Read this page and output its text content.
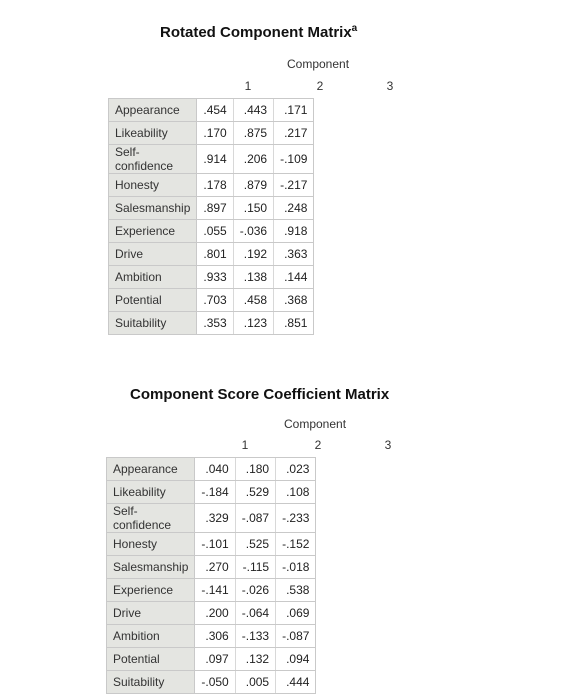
Rotated Component Matrix$^a$
Component
1	2	3
Appearance	.454	.443	.171
Likeability	.170	.875	.217
Self-confidence	.914	.206	-.109
Honesty	.178	.879	-.217
Salesmanship	.897	.150	.248
Experience	.055	-.036	.918
Drive	.801	.192	.363
Ambition	.933	.138	.144
Potential	.703	.458	.368
Suitability	.353	.123	.851
Component Score Coefficient Matrix
Component
1	2	3
Appearance	.040	.180	.023
Likeability	-.184	.529	.108
Self-confidence	.329	-.087	-.233
Honesty	-.101	.525	-.152
Salesmanship	.270	-.115	-.018
Experience	-.141	-.026	.538
Drive	.200	-.064	.069
Ambition	.306	-.133	-.087
Potential	.097	.132	.094
Suitability	-.050	.005	.444
